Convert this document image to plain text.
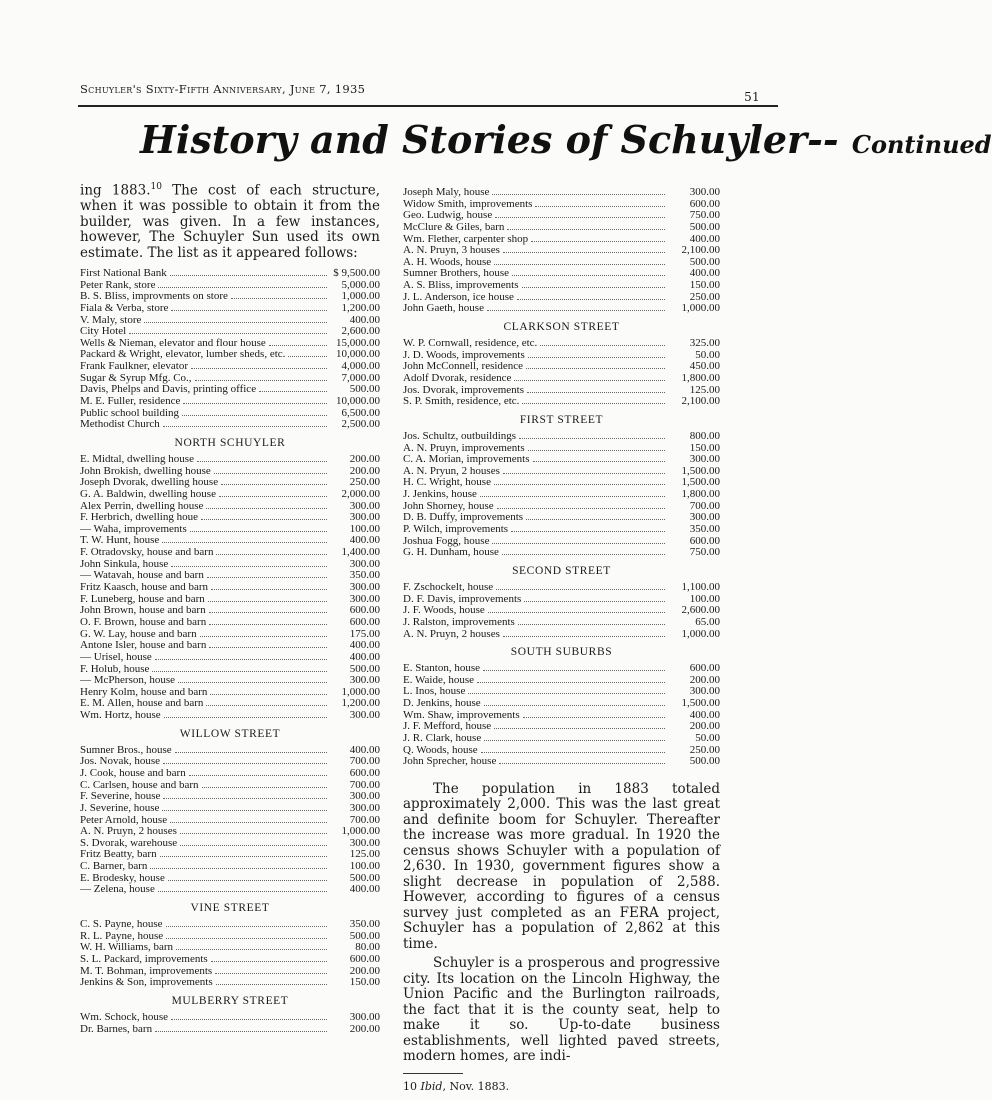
Schuyler's Sixty-Fifth Anniversary, June 7, 1935
51
History and Stories of Schuyler-- Continued

ing 1883.10 The cost of each structure, when it was possible to obtain it from the builder, was given. In a few instances, however, The Schuyler Sun used its own estimate. The list as it appeared follows:

First National Bank	$ 9,500.00
Peter Rank, store	5,000.00
B. S. Bliss, improvments on store	1,000.00
Fiala & Verba, store	1,200.00
V. Maly, store	400.00
City Hotel	2,600.00
Wells & Nieman, elevator and flour house	15,000.00
Packard & Wright, elevator, lumber sheds, etc.	10,000.00
Frank Faulkner, elevator	4,000.00
Sugar & Syrup Mfg. Co.,	7,000.00
Davis, Phelps and Davis, printing office	500.00
M. E. Fuller, residence	10,000.00
Public school building	6,500.00
Methodist Church	2,500.00
NORTH SCHUYLER
E. Midtal, dwelling house	200.00
John Brokish, dwelling house	200.00
Joseph Dvorak, dwelling house	250.00
G. A. Baldwin, dwelling house	2,000.00
Alex Perrin, dwelling house	300.00
F. Herbrich, dwelling houe	300.00
— Waha, improvements	100.00
T. W. Hunt, house	400.00
F. Otradovsky, house and barn	1,400.00
John Sinkula, house	300.00
— Watavah, house and barn	350.00
Fritz Kaasch, house and barn	300.00
F. Luneberg, house and barn	300.00
John Brown, house and barn	600.00
O. F. Brown, house and barn	600.00
G. W. Lay, house and barn	175.00
Antone Isler, house and barn	400.00
— Urisel, house	400.00
F. Holub, house	500.00
— McPherson, house	300.00
Henry Kolm, house and barn	1,000.00
E. M. Allen, house and barn	1,200.00
Wm. Hortz, house	300.00
WILLOW STREET
Sumner Bros., house	400.00
Jos. Novak, house	700.00
J. Cook, house and barn	600.00
C. Carlsen, house and barn	700.00
F. Severine, house	300.00
J. Severine, house	300.00
Peter Arnold, house	700.00
A. N. Pruyn, 2 houses	1,000.00
S. Dvorak, warehouse	300.00
Fritz Beatty, barn	125.00
C. Barner, barn	100.00
E. Brodesky, house	500.00
— Zelena, house	400.00
VINE STREET
C. S. Payne, house	350.00
R. L. Payne, house	500.00
W. H. Williams, barn	80.00
S. L. Packard, improvements	600.00
M. T. Bohman, improvements	200.00
Jenkins & Son, improvements	150.00
MULBERRY STREET
Wm. Schock, house	300.00
Dr. Barnes, barn	200.00
Joseph Maly, house	300.00
Widow Smith, improvements	600.00
Geo. Ludwig, house	750.00
McClure & Giles, barn	500.00
Wm. Flether, carpenter shop	400.00
A. N. Pruyn, 3 houses	2,100.00
A. H. Woods, house	500.00
Sumner Brothers, house	400.00
A. S. Bliss, improvements	150.00
J. L. Anderson, ice house	250.00
John Gaeth, house	1,000.00
CLARKSON STREET
W. P. Cornwall, residence, etc.	325.00
J. D. Woods, improvements	50.00
John McConnell, residence	450.00
Adolf Dvorak, residence	1,800.00
Jos. Dvorak, improvements	125.00
S. P. Smith, residence, etc.	2,100.00
FIRST STREET
Jos. Schultz, outbuildings	800.00
A. N. Pruyn, improvements	150.00
C. A. Morian, improvements	300.00
A. N. Pryun, 2 houses	1,500.00
H. C. Wright, house	1,500.00
J. Jenkins, house	1,800.00
John Shorney, house	700.00
D. B. Duffy, improvements	300.00
P. Wilch, improvements	350.00
Joshua Fogg, house	600.00
G. H. Dunham, house	750.00
SECOND STREET
F. Zschockelt, house	1,100.00
D. F. Davis, improvements	100.00
J. F. Woods, house	2,600.00
J. Ralston, improvements	65.00
A. N. Pruyn, 2 houses	1,000.00
SOUTH SUBURBS
E. Stanton, house	600.00
E. Waide, house	200.00
L. Inos, house	300.00
D. Jenkins, house	1,500.00
Wm. Shaw, improvements	400.00
J. F. Mefford, house	200.00
J. R. Clark, house	50.00
Q. Woods, house	250.00
John Sprecher, house	500.00

The population in 1883 totaled approximately 2,000. This was the last great and definite boom for Schuyler. Thereafter the increase was more gradual. In 1920 the census shows Schuyler with a population of 2,630. In 1930, government figures show a slight decrease in population of 2,588. However, according to figures of a census survey just completed as an FERA project, Schuyler has a population of 2,862 at this time.

Schuyler is a prosperous and progressive city. Its location on the Lincoln Highway, the Union Pacific and the Burlington railroads, the fact that it is the county seat, help to make it so. Up-to-date business establishments, well lighted paved streets, modern homes, are indi-

10 Ibid, Nov. 1883.
